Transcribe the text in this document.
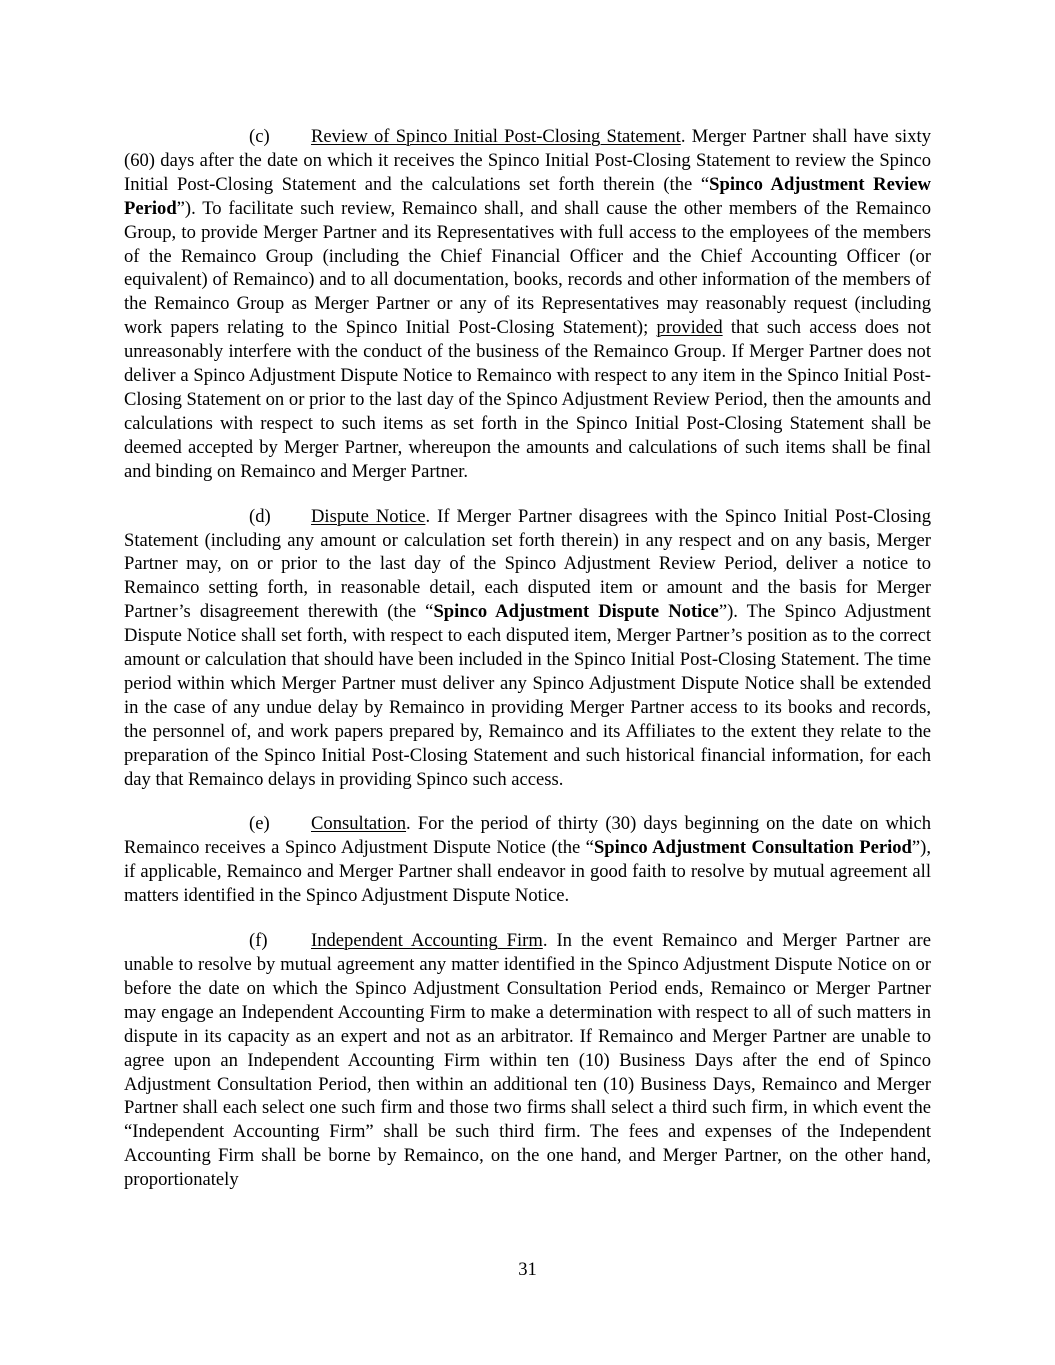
(c) Review of Spinco Initial Post-Closing Statement. Merger Partner shall have sixty (60) days after the date on which it receives the Spinco Initial Post-Closing Statement to review the Spinco Initial Post-Closing Statement and the calculations set forth therein (the “Spinco Adjustment Review Period”). To facilitate such review, Remainco shall, and shall cause the other members of the Remainco Group, to provide Merger Partner and its Representatives with full access to the employees of the members of the Remainco Group (including the Chief Financial Officer and the Chief Accounting Officer (or equivalent) of Remainco) and to all documentation, books, records and other information of the members of the Remainco Group as Merger Partner or any of its Representatives may reasonably request (including work papers relating to the Spinco Initial Post-Closing Statement); provided that such access does not unreasonably interfere with the conduct of the business of the Remainco Group. If Merger Partner does not deliver a Spinco Adjustment Dispute Notice to Remainco with respect to any item in the Spinco Initial Post-Closing Statement on or prior to the last day of the Spinco Adjustment Review Period, then the amounts and calculations with respect to such items as set forth in the Spinco Initial Post-Closing Statement shall be deemed accepted by Merger Partner, whereupon the amounts and calculations of such items shall be final and binding on Remainco and Merger Partner.

(d) Dispute Notice. If Merger Partner disagrees with the Spinco Initial Post-Closing Statement (including any amount or calculation set forth therein) in any respect and on any basis, Merger Partner may, on or prior to the last day of the Spinco Adjustment Review Period, deliver a notice to Remainco setting forth, in reasonable detail, each disputed item or amount and the basis for Merger Partner’s disagreement therewith (the “Spinco Adjustment Dispute Notice”). The Spinco Adjustment Dispute Notice shall set forth, with respect to each disputed item, Merger Partner’s position as to the correct amount or calculation that should have been included in the Spinco Initial Post-Closing Statement. The time period within which Merger Partner must deliver any Spinco Adjustment Dispute Notice shall be extended in the case of any undue delay by Remainco in providing Merger Partner access to its books and records, the personnel of, and work papers prepared by, Remainco and its Affiliates to the extent they relate to the preparation of the Spinco Initial Post-Closing Statement and such historical financial information, for each day that Remainco delays in providing Spinco such access.

(e) Consultation. For the period of thirty (30) days beginning on the date on which Remainco receives a Spinco Adjustment Dispute Notice (the “Spinco Adjustment Consultation Period”), if applicable, Remainco and Merger Partner shall endeavor in good faith to resolve by mutual agreement all matters identified in the Spinco Adjustment Dispute Notice.

(f) Independent Accounting Firm. In the event Remainco and Merger Partner are unable to resolve by mutual agreement any matter identified in the Spinco Adjustment Dispute Notice on or before the date on which the Spinco Adjustment Consultation Period ends, Remainco or Merger Partner may engage an Independent Accounting Firm to make a determination with respect to all of such matters in dispute in its capacity as an expert and not as an arbitrator. If Remainco and Merger Partner are unable to agree upon an Independent Accounting Firm within ten (10) Business Days after the end of Spinco Adjustment Consultation Period, then within an additional ten (10) Business Days, Remainco and Merger Partner shall each select one such firm and those two firms shall select a third such firm, in which event the “Independent Accounting Firm” shall be such third firm. The fees and expenses of the Independent Accounting Firm shall be borne by Remainco, on the one hand, and Merger Partner, on the other hand, proportionately

31
